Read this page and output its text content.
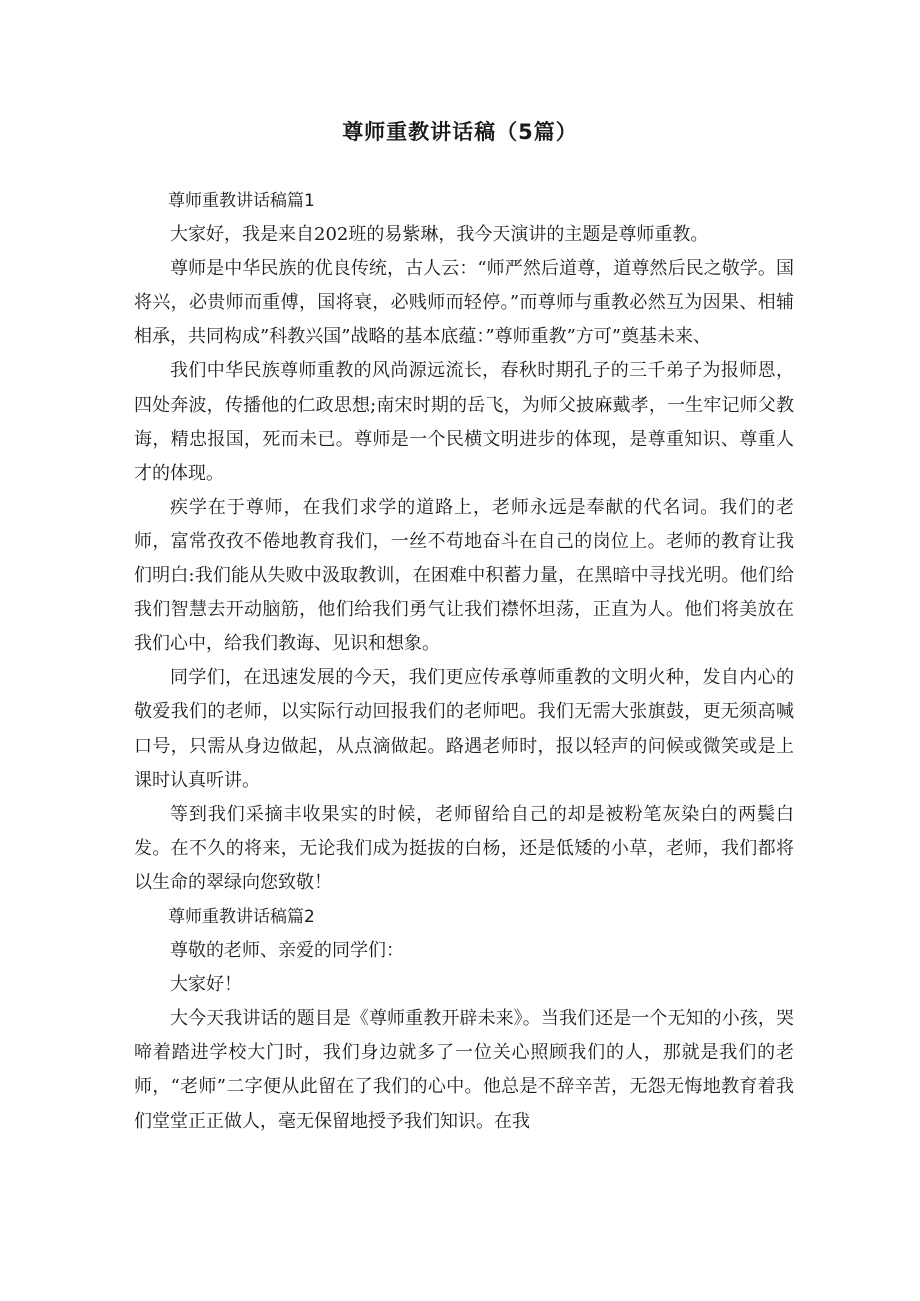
尊师重教讲话稿（5篇）

尊师重教讲话稿篇1

大家好，我是来自202班的易紫琳，我今天演讲的主题是尊师重教。

尊师是中华民族的优良传统，古人云：“师严然后道尊，道尊然后民之敬学。国将兴，必贵师而重傅，国将衰，必贱师而轻停。”而尊师与重教必然互为因果、相辅相承，共同构成”科教兴国”战略的基本底蕴：”尊师重教”方可”奠基未来、

我们中华民族尊师重教的风尚源远流长，春秋时期孔子的三千弟子为报师恩，四处奔波，传播他的仁政思想;南宋时期的岳飞，为师父披麻戴孝，一生牢记师父教诲，精忠报国，死而未已。尊师是一个民横文明进步的体现，是尊重知识、尊重人才的体现。

疾学在于尊师，在我们求学的道路上，老师永远是奉献的代名词。我们的老师，富常孜孜不倦地教育我们，一丝不苟地奋斗在自己的岗位上。老师的教育让我们明白:我们能从失败中汲取教训，在困难中积蓄力量，在黑暗中寻找光明。他们给我们智慧去开动脑筋，他们给我们勇气让我们襟怀坦荡，正直为人。他们将美放在我们心中，给我们教诲、见识和想象。

同学们，在迅速发展的今天，我们更应传承尊师重教的文明火种，发自内心的敬爱我们的老师，以实际行动回报我们的老师吧。我们无需大张旗鼓，更无须高喊口号，只需从身边做起，从点滴做起。路遇老师时，报以轻声的问候或微笑或是上课时认真听讲。

等到我们采摘丰收果实的时候，老师留给自己的却是被粉笔灰染白的两鬓白发。在不久的将来，无论我们成为挺拔的白杨，还是低矮的小草，老师，我们都将以生命的翠绿向您致敬！

尊师重教讲话稿篇2

尊敬的老师、亲爱的同学们：

大家好！

大今天我讲话的题目是《尊师重教开辟未来》。当我们还是一个无知的小孩，哭啼着踏进学校大门时，我们身边就多了一位关心照顾我们的人，那就是我们的老师，“老师”二字便从此留在了我们的心中。他总是不辞辛苦，无怨无悔地教育着我们堂堂正正做人，毫无保留地授予我们知识。在我
